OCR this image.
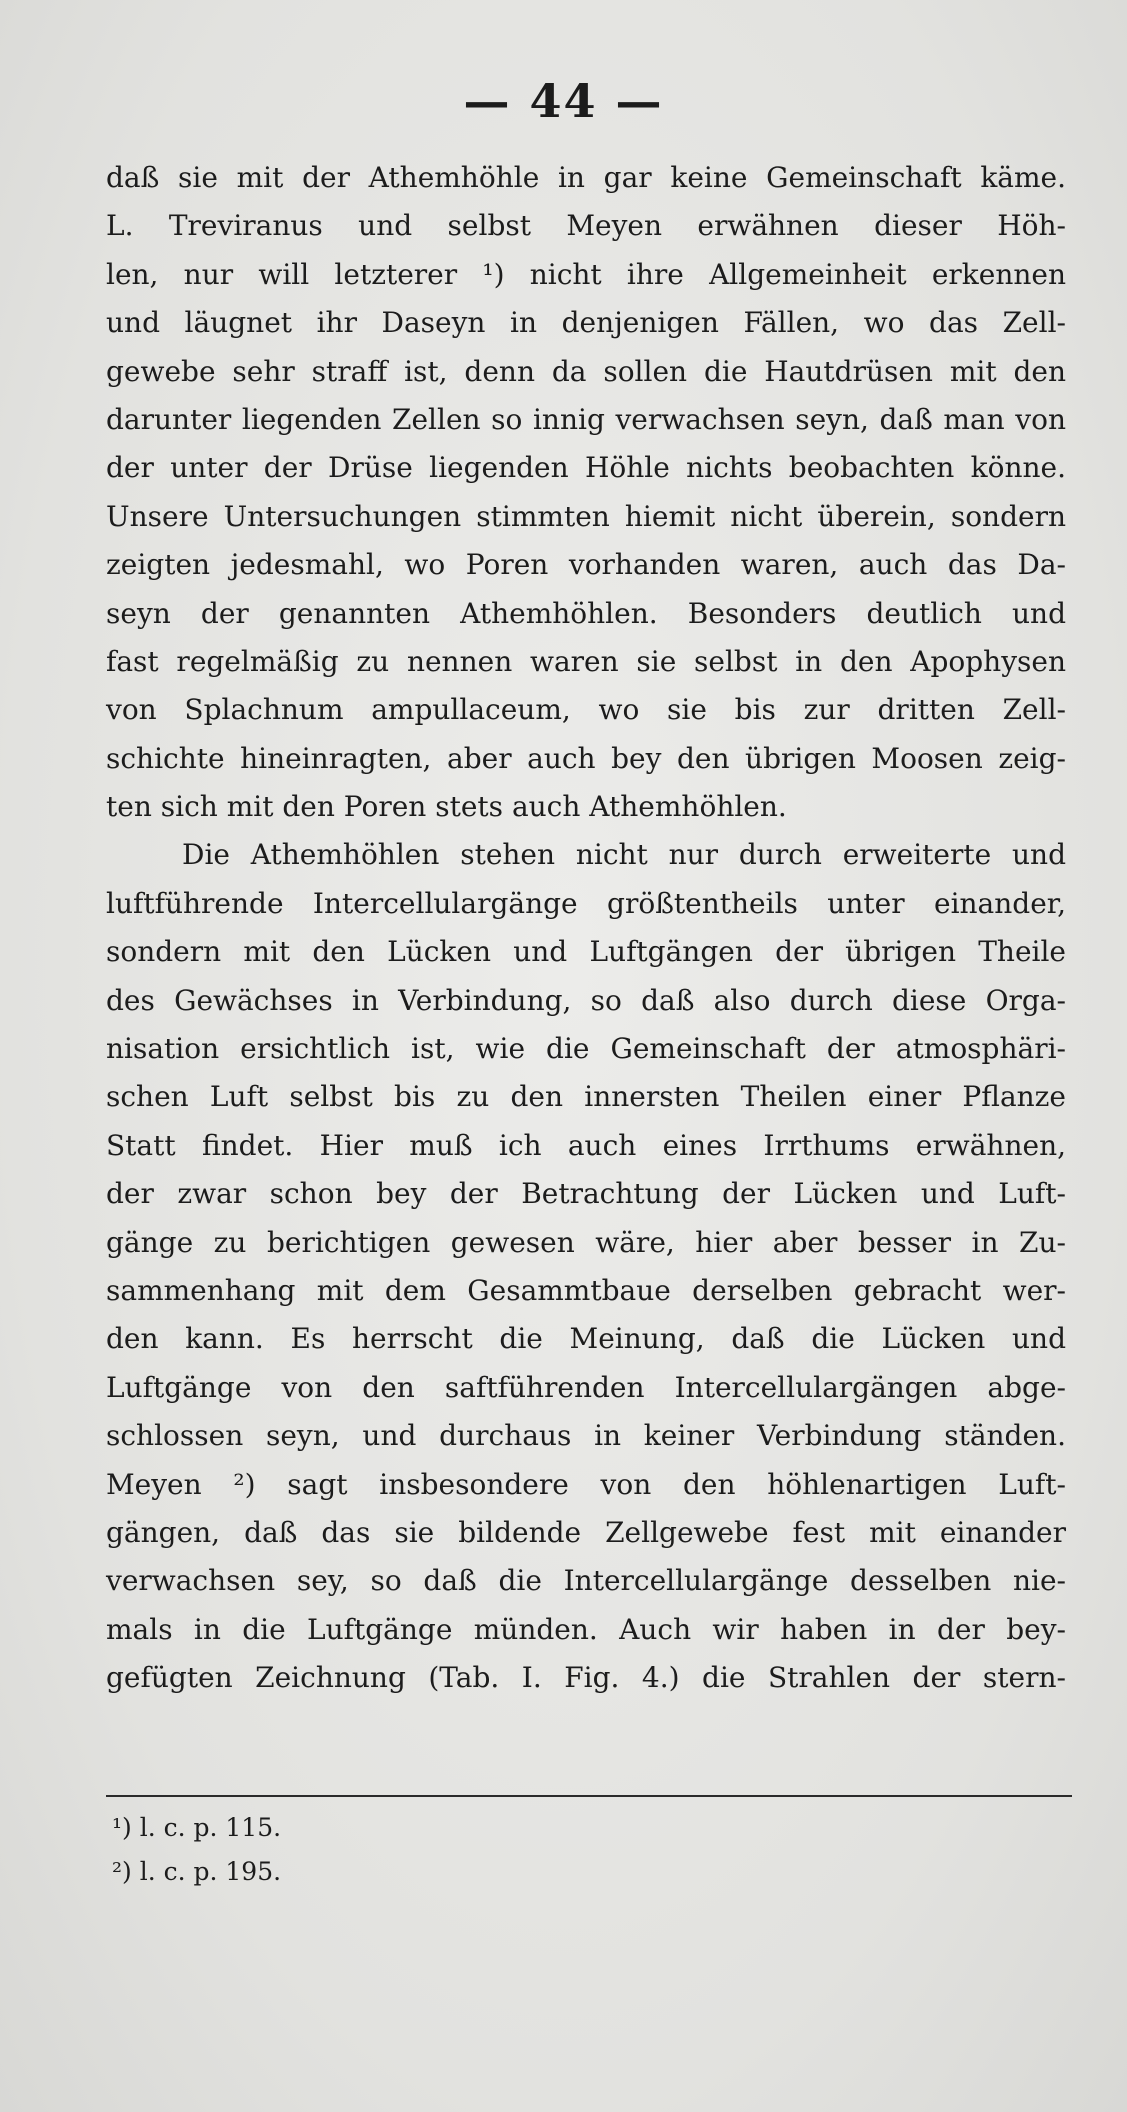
— 44 —
daß sie mit der Athemhöhle in gar keine Gemeinschaft käme.
L. Treviranus und selbst Meyen erwähnen dieser Höh-
len, nur will letzterer ¹) nicht ihre Allgemeinheit erkennen
und läugnet ihr Daseyn in denjenigen Fällen, wo das Zell-
gewebe sehr straff ist, denn da sollen die Hautdrüsen mit den
darunter liegenden Zellen so innig verwachsen seyn, daß man von
der unter der Drüse liegenden Höhle nichts beobachten könne.
Unsere Untersuchungen stimmten hiemit nicht überein, sondern
zeigten jedesmahl, wo Poren vorhanden waren, auch das Da-
seyn der genannten Athemhöhlen. Besonders deutlich und
fast regelmäßig zu nennen waren sie selbst in den Apophysen
von Splachnum ampullaceum, wo sie bis zur dritten Zell-
schichte hineinragten, aber auch bey den übrigen Moosen zeig-
ten sich mit den Poren stets auch Athemhöhlen.
Die Athemhöhlen stehen nicht nur durch erweiterte und
luftführende Intercellulargänge größtentheils unter einander,
sondern mit den Lücken und Luftgängen der übrigen Theile
des Gewächses in Verbindung, so daß also durch diese Orga-
nisation ersichtlich ist, wie die Gemeinschaft der atmosphäri-
schen Luft selbst bis zu den innersten Theilen einer Pflanze
Statt findet. Hier muß ich auch eines Irrthums erwähnen,
der zwar schon bey der Betrachtung der Lücken und Luft-
gänge zu berichtigen gewesen wäre, hier aber besser in Zu-
sammenhang mit dem Gesammtbaue derselben gebracht wer-
den kann. Es herrscht die Meinung, daß die Lücken und
Luftgänge von den saftführenden Intercellulargängen abge-
schlossen seyn, und durchaus in keiner Verbindung ständen.
Meyen ²) sagt insbesondere von den höhlenartigen Luft-
gängen, daß das sie bildende Zellgewebe fest mit einander
verwachsen sey, so daß die Intercellulargänge desselben nie-
mals in die Luftgänge münden. Auch wir haben in der bey-
gefügten Zeichnung (Tab. I. Fig. 4.) die Strahlen der stern-
¹) l. c. p. 115.
²) l. c. p. 195.
